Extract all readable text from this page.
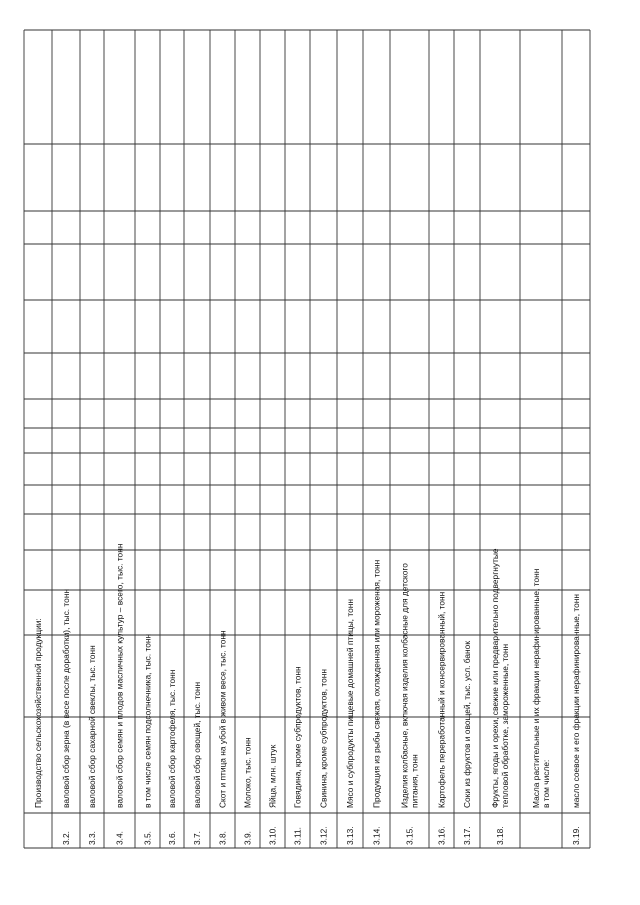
Производство сельскохозяйственной продукции:
3.2.
валовой сбор зерна (в весе после доработки), тыс. тонн
3.3.
валовой сбор сахарной свеклы, тыс. тонн
3.4.
валовой сбор семян и плодов масличных культур – всего, тыс. тонн
3.5.
в том числе семян подсолнечника, тыс. тонн
3.6.
валовой сбор картофеля, тыс. тонн
3.7.
валовой сбор овощей, тыс. тонн
3.8.
Скот и птица на убой в живом весе, тыс. тонн
3.9.
Молоко, тыс. тонн
3.10.
Яйца, млн. штук
3.11.
Говядина, кроме субпродуктов, тонн
3.12.
Свинина, кроме субпродуктов, тонн
3.13.
Мясо и субпродукты пищевые домашней птицы, тонн
3.14.
Продукция из рыбы свежая, охлажденная или мороженая, тонн
3.15.
Изделия колбасные, включая изделия колбасные для детского питания, тонн
3.16.
Картофель переработанный и консервированный, тонн
3.17.
Соки из фруктов и овощей, тыс. усл. банок
3.18.
Фрукты, ягоды и орехи, свежие или предварительно подвергнутые тепловой обработке, замороженные, тонн	Масла растительные и их фракции нерафинированные, тонн в том числе:
3.19.
масло соевое и его фракции нерафинированные, тонн
